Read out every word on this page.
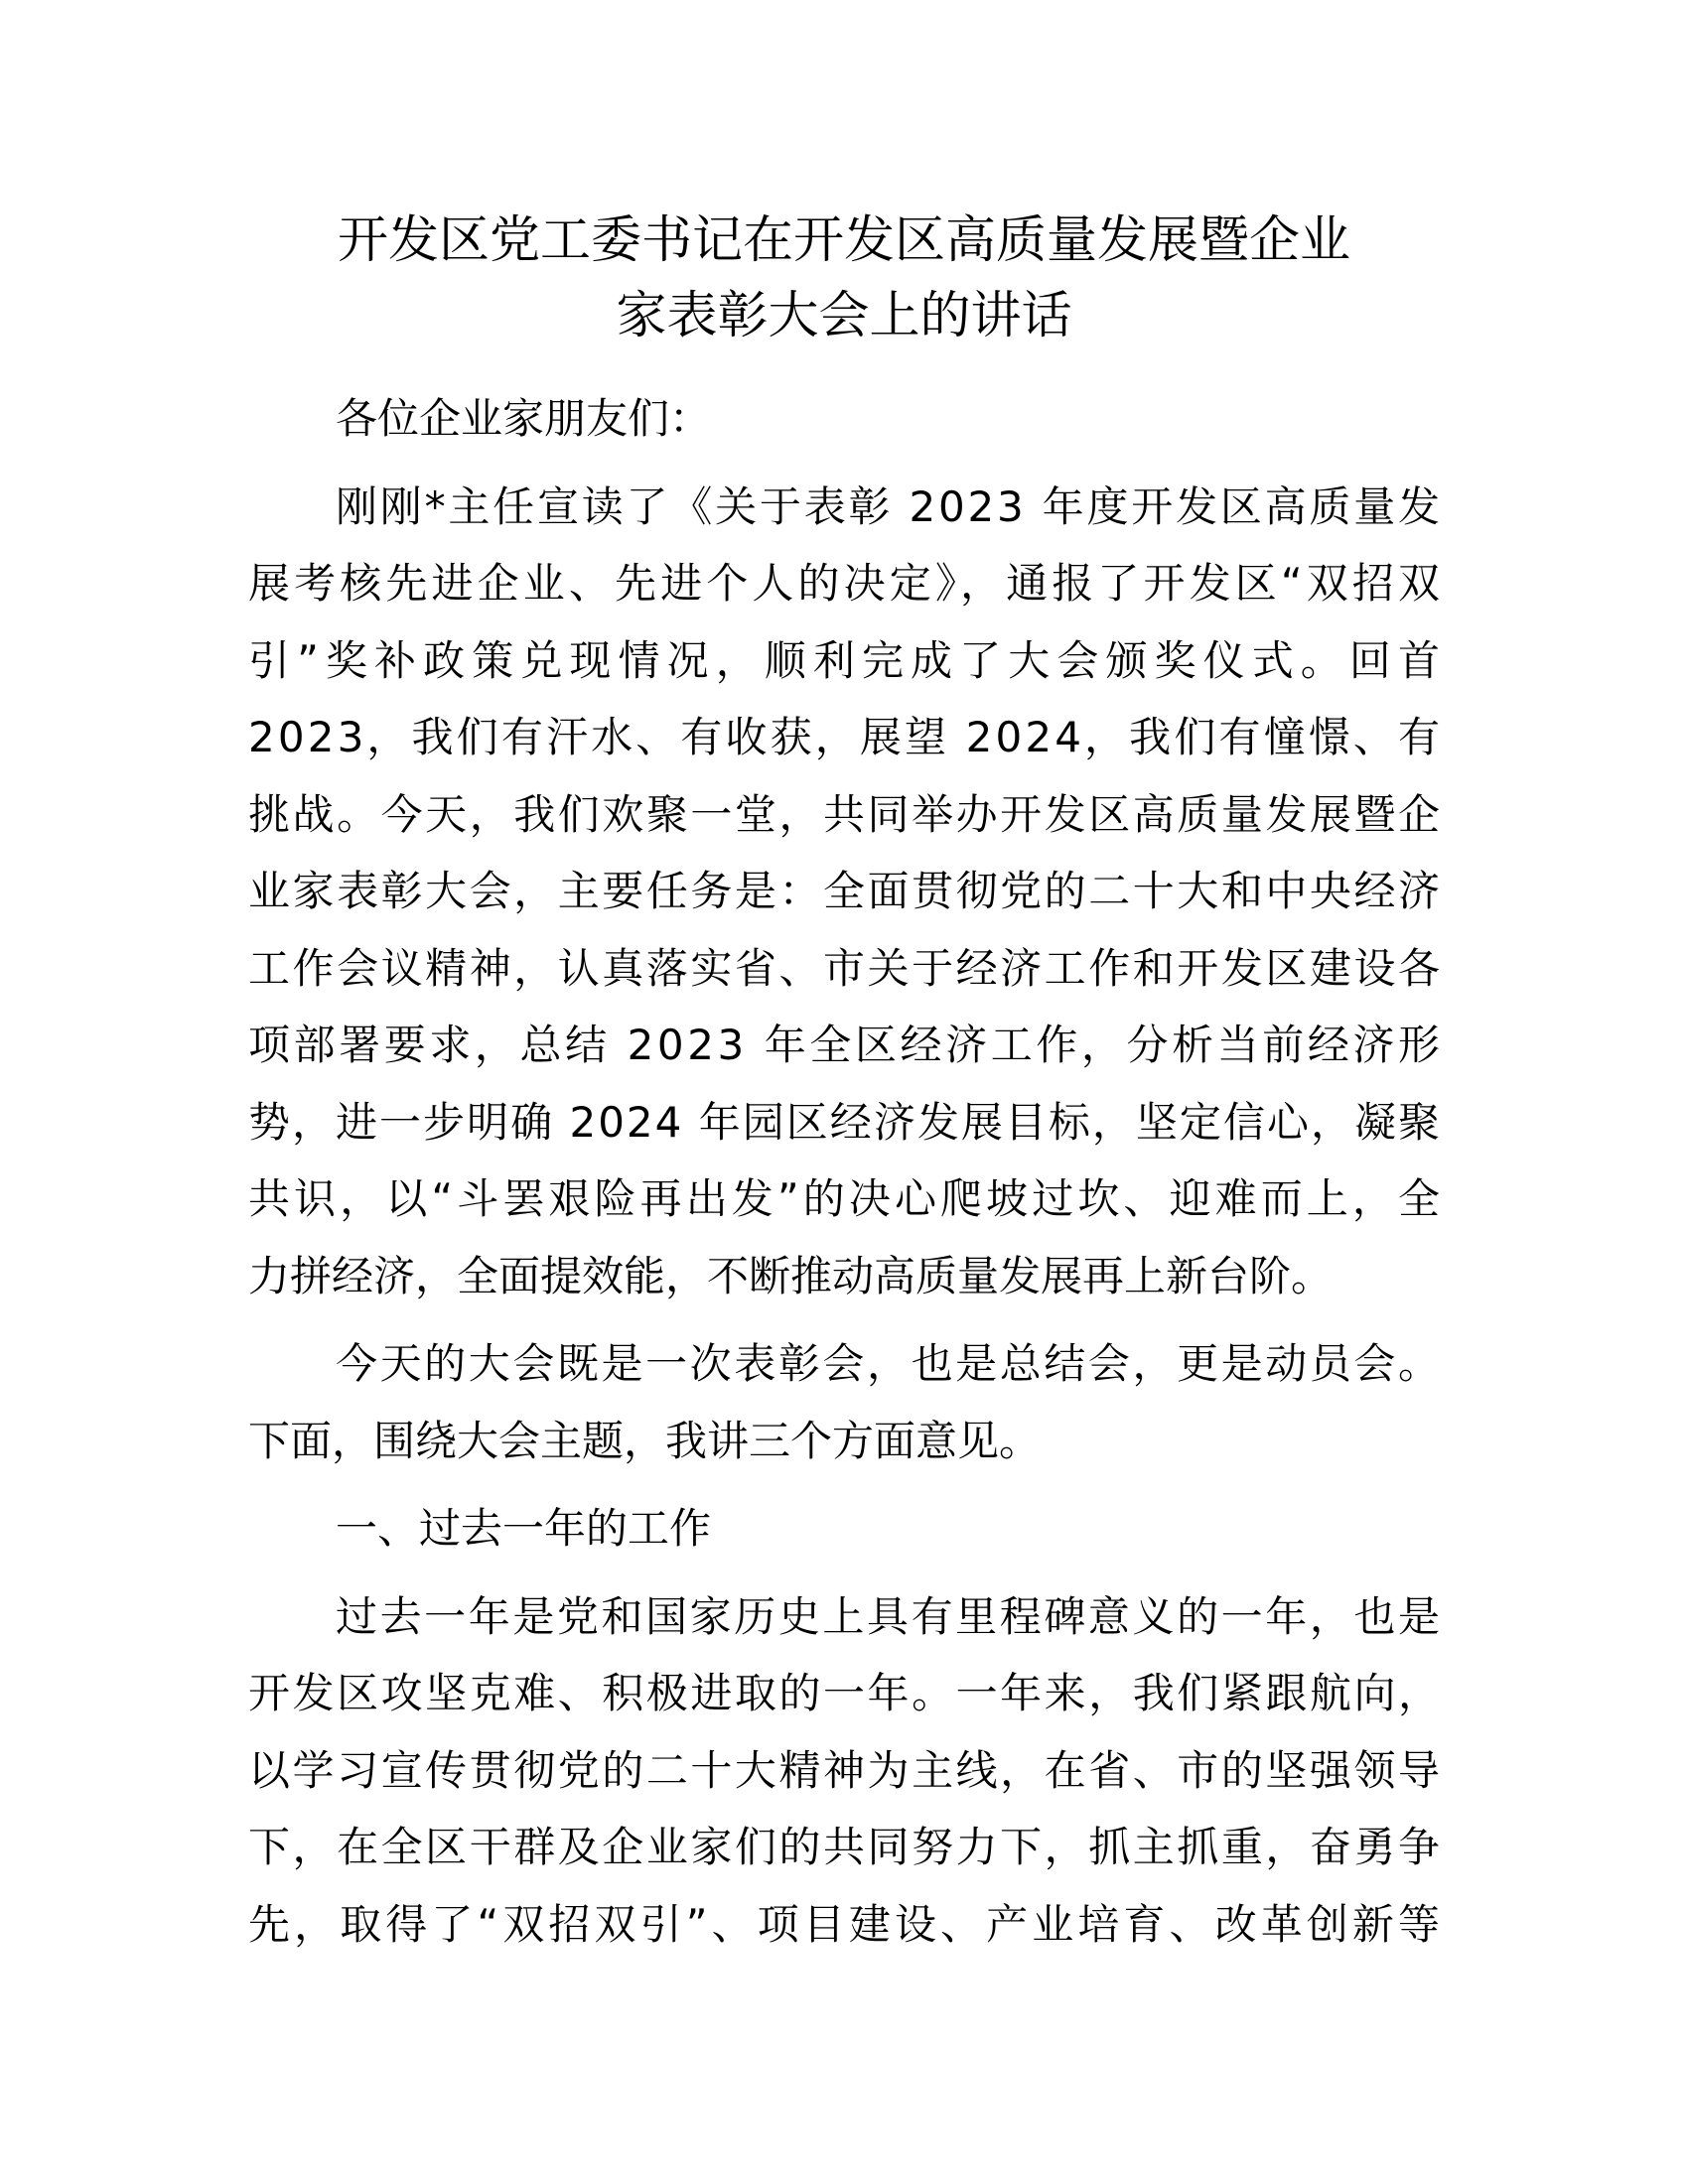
开发区党工委书记在开发区高质量发展暨企业
家表彰大会上的讲话

各位企业家朋友们：

刚刚*主任宣读了《关于表彰 2023 年度开发区高质量发
展考核先进企业、先进个人的决定》，通报了开发区“双招双
引”奖补政策兑现情况，顺利完成了大会颁奖仪式。回首
2023，我们有汗水、有收获，展望 2024，我们有憧憬、有
挑战。今天，我们欢聚一堂，共同举办开发区高质量发展暨企
业家表彰大会，主要任务是：全面贯彻党的二十大和中央经济
工作会议精神，认真落实省、市关于经济工作和开发区建设各
项部署要求，总结 2023 年全区经济工作，分析当前经济形
势，进一步明确 2024 年园区经济发展目标，坚定信心，凝聚
共识，以“斗罢艰险再出发”的决心爬坡过坎、迎难而上，全
力拼经济，全面提效能，不断推动高质量发展再上新台阶。

今天的大会既是一次表彰会，也是总结会，更是动员会。
下面，围绕大会主题，我讲三个方面意见。

一、过去一年的工作

过去一年是党和国家历史上具有里程碑意义的一年，也是
开发区攻坚克难、积极进取的一年。一年来，我们紧跟航向，
以学习宣传贯彻党的二十大精神为主线，在省、市的坚强领导
下，在全区干群及企业家们的共同努力下，抓主抓重，奋勇争
先，取得了“双招双引”、项目建设、产业培育、改革创新等
